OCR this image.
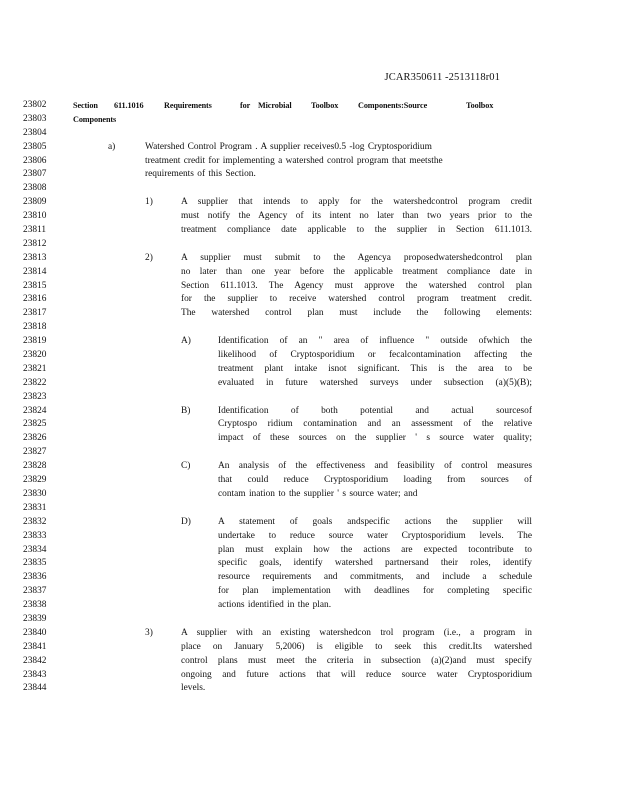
JCAR350611 -2513118r01
23802	Section 611.1016	Requirements	for Microbial Toolbox Components:Source	Toolbox
23803	Components
23804
23805	a)	Watershed Control Program . A supplier receives0.5 -log Cryptosporidium
23806	treatment credit for implementing a watershed control program that meetsthe
23807	requirements of this Section.
23808
23809	1)	A supplier that intends to apply for the watershedcontrol program credit
23810	must notify the Agency of its intent no later than two years prior to the
23811	treatment compliance date applicable to the supplier in Section 611.1013.
23812
23813	2)	A supplier must submit to the Agencya proposedwatershedcontrol plan
23814	no later than one year before the applicable treatment compliance date in
23815	Section 611.1013. The Agency must approve the watershed control plan
23816	for the supplier to receive watershed control program treatment credit.
23817	The watershed control plan must include the following elements:
23818
23819	A)	Identification of an " area of influence " outside ofwhich the
23820	likelihood of Cryptosporidium or fecalcontamination affecting the
23821	treatment plant intake isnot significant. This is the area to be
23822	evaluated in future watershed surveys under subsection (a)(5)(B);
23823
23824	B)	Identification of both potential and actual sourcesof
23825	Cryptospo ridium contamination and an assessment of the relative
23826	impact of these sources on the supplier ' s source water quality;
23827
23828	C)	An analysis of the effectiveness and feasibility of control measures
23829	that could reduce Cryptosporidium loading from sources of
23830	contam ination to the supplier ' s source water; and
23831
23832	D)	A statement of goals andspecific actions the supplier will
23833	undertake to reduce source water Cryptosporidium levels. The
23834	plan must explain how the actions are expected tocontribute to
23835	specific goals, identify watershed partnersand their roles, identify
23836	resource requirements and commitments, and include a schedule
23837	for plan implementation with deadlines for completing specific
23838	actions identified in the plan.
23839
23840	3)	A supplier with an existing watershedcon trol program (i.e., a program in
23841	place on January 5,2006) is eligible to seek this credit.Its watershed
23842	control plans must meet the criteria in subsection (a)(2)and must specify
23843	ongoing and future actions that will reduce source water Cryptosporidium
23844	levels.
